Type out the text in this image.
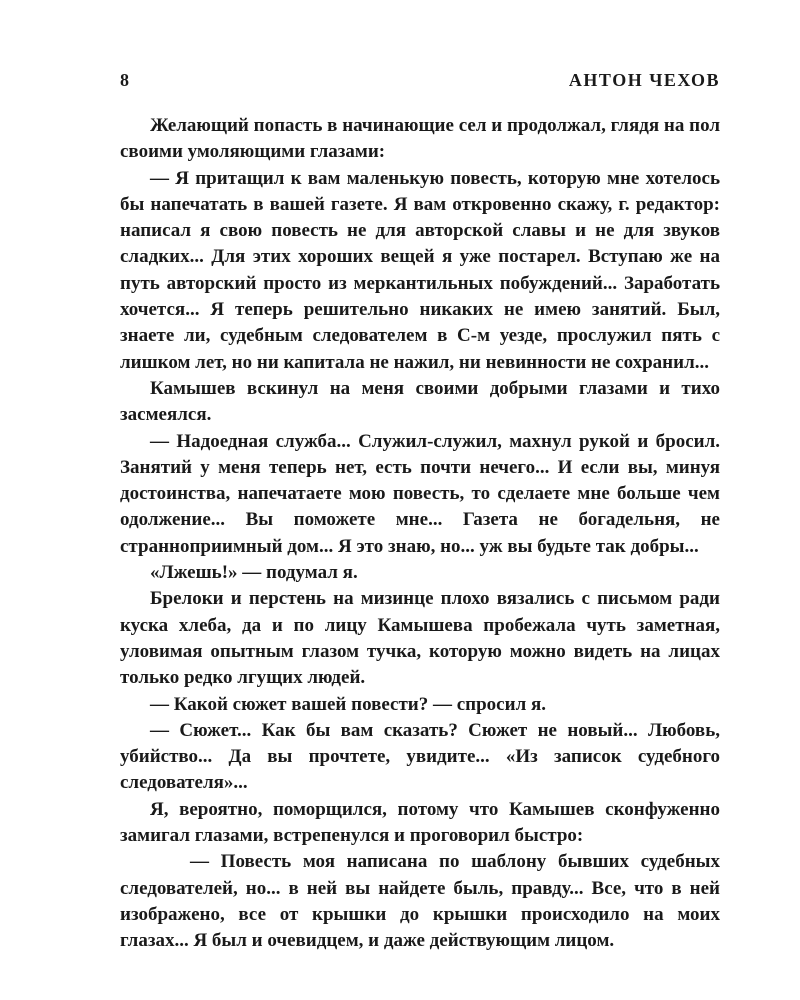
8	АНТОН ЧЕХОВ

Желающий попасть в начинающие сел и продолжал, глядя на пол своими умоляющими глазами:

— Я притащил к вам маленькую повесть, которую мне хотелось бы напечатать в вашей газете. Я вам откровенно скажу, г. редактор: написал я свою повесть не для авторской славы и не для звуков сладких... Для этих хороших вещей я уже постарел. Вступаю же на путь авторский просто из меркантильных побуждений... Заработать хочется... Я теперь решительно никаких не имею занятий. Был, знаете ли, судебным следователем в С-м уезде, прослужил пять с лишком лет, но ни капитала не нажил, ни невинности не сохранил...

Камышев вскинул на меня своими добрыми глазами и тихо засмеялся.

— Надоедная служба... Служил-служил, махнул рукой и бросил. Занятий у меня теперь нет, есть почти нечего... И если вы, минуя достоинства, напечатаете мою повесть, то сделаете мне больше чем одолжение... Вы поможете мне... Газета не богадельня, не странноприимный дом... Я это знаю, но... уж вы будьте так добры...

«Лжешь!» — подумал я.

Брелоки и перстень на мизинце плохо вязались с письмом ради куска хлеба, да и по лицу Камышева пробежала чуть заметная, уловимая опытным глазом тучка, которую можно видеть на лицах только редко лгущих людей.

— Какой сюжет вашей повести? — спросил я.

— Сюжет... Как бы вам сказать? Сюжет не новый... Любовь, убийство... Да вы прочтете, увидите... «Из записок судебного следователя»...

Я, вероятно, поморщился, потому что Камышев сконфуженно замигал глазами, встрепенулся и проговорил быстро:

— Повесть моя написана по шаблону бывших судебных следователей, но... в ней вы найдете быль, правду... Все, что в ней изображено, все от крышки до крышки происходило на моих глазах... Я был и очевидцем, и даже действующим лицом.
